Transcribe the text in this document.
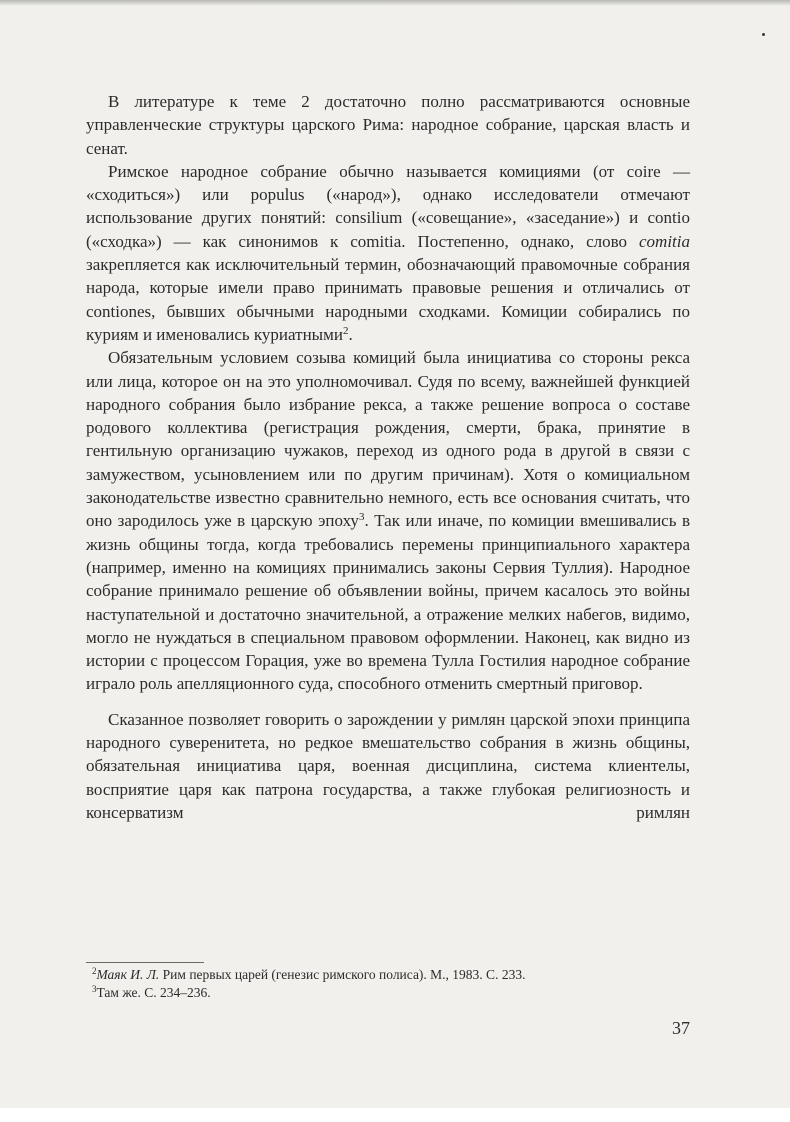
В литературе к теме 2 достаточно полно рассматриваются основные управленческие структуры царского Рима: народное собрание, царская власть и сенат.

Римское народное собрание обычно называется комициями (от coire — «сходиться») или populus («народ»), однако исследователи отмечают использование других понятий: consilium («совещание», «заседание») и contio («сходка») — как синонимов к comitia. Постепенно, однако, слово comitia закрепляется как исключительный термин, обозначающий правомочные собрания народа, которые имели право принимать правовые решения и отличались от contiones, бывших обычными народными сходками. Комиции собирались по куриям и именовались куриатными$^2$.

Обязательным условием созыва комиций была инициатива со стороны рекса или лица, которое он на это уполномочивал. Судя по всему, важнейшей функцией народного собрания было избрание рекса, а также решение вопроса о составе родового коллектива (регистрация рождения, смерти, брака, принятие в гентильную организацию чужаков, переход из одного рода в другой в связи с замужеством, усыновлением или по другим причинам). Хотя о комициальном законодательстве известно сравнительно немного, есть все основания считать, что оно зародилось уже в царскую эпоху$^3$. Так или иначе, по комиции вмешивались в жизнь общины тогда, когда требовались перемены принципиального характера (например, именно на комициях принимались законы Сервия Туллия). Народное собрание принимало решение об объявлении войны, причем касалось это войны наступательной и достаточно значительной, а отражение мелких набегов, видимо, могло не нуждаться в специальном правовом оформлении. Наконец, как видно из истории с процессом Горация, уже во времена Тулла Гостилия народное собрание играло роль апелляционного суда, способного отменить смертный приговор.

Сказанное позволяет говорить о зарождении у римлян царской эпохи принципа народного суверенитета, но редкое вмешательство собрания в жизнь общины, обязательная инициатива царя, военная дисциплина, система клиентелы, восприятие царя как патрона государства, а также глубокая религиозность и консерватизм римлян

$^2$Маяк И. Л. Рим первых царей (генезис римского полиса). М., 1983. С. 233.
$^3$Там же. С. 234–236.
37
